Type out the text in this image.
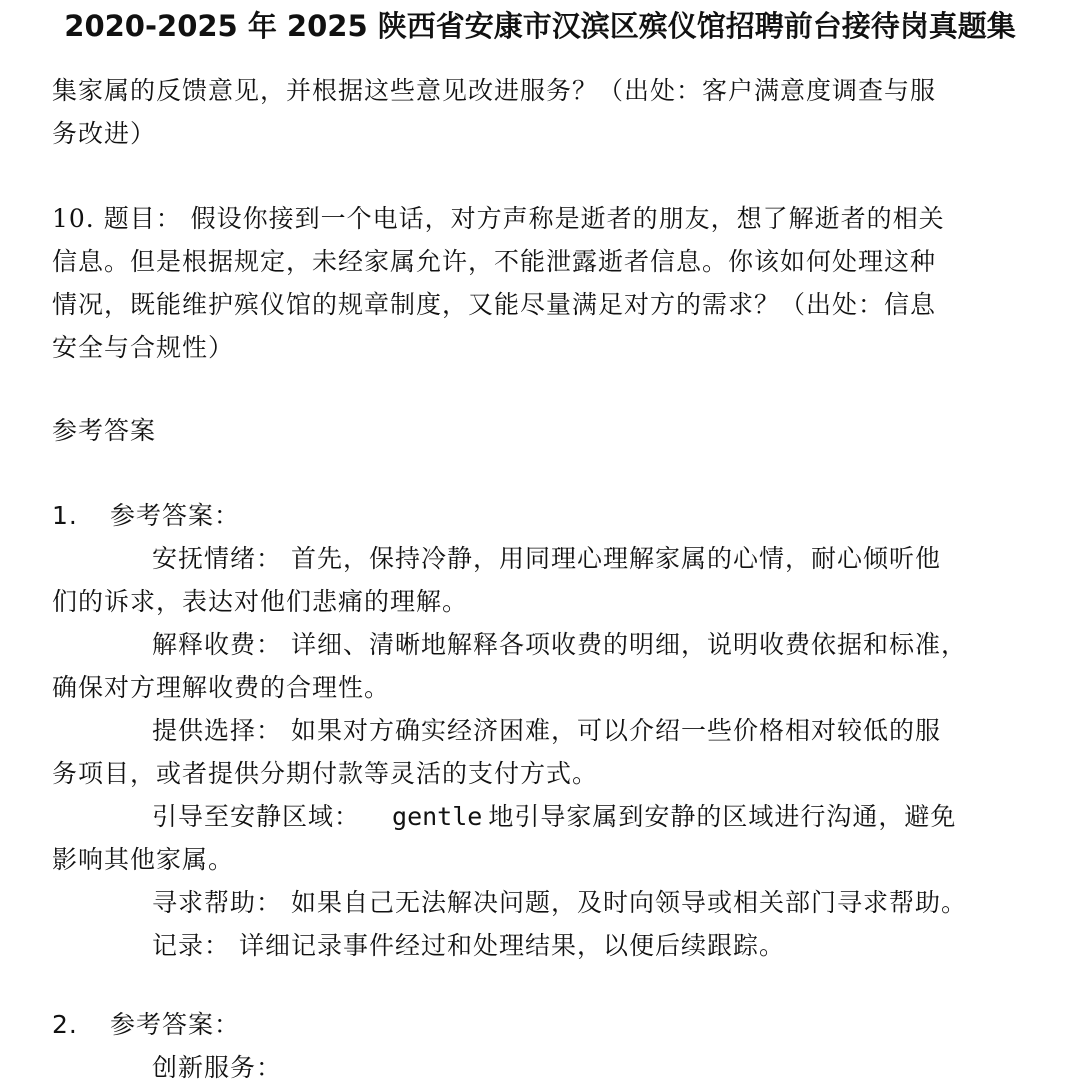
2020-2025 年 2025 陕西省安康市汉滨区殡仪馆招聘前台接待岗真题集
集家属的反馈意见，并根据这些意见改进服务？（出处：客户满意度调查与服
务改进）
10. 题目： 假设你接到一个电话，对方声称是逝者的朋友，想了解逝者的相关
信息。但是根据规定，未经家属允许，不能泄露逝者信息。你该如何处理这种
情况，既能维护殡仪馆的规章制度，又能尽量满足对方的需求？（出处：信息
安全与合规性）
参考答案
1. 参考答案：
安抚情绪： 首先，保持冷静，用同理心理解家属的心情，耐心倾听他
们的诉求，表达对他们悲痛的理解。
解释收费： 详细、清晰地解释各项收费的明细，说明收费依据和标准，
确保对方理解收费的合理性。
提供选择： 如果对方确实经济困难，可以介绍一些价格相对较低的服
务项目，或者提供分期付款等灵活的支付方式。
引导至安静区域： gentle 地引导家属到安静的区域进行沟通，避免
影响其他家属。
寻求帮助： 如果自己无法解决问题，及时向领导或相关部门寻求帮助。
记录： 详细记录事件经过和处理结果，以便后续跟踪。
2. 参考答案：
创新服务：
